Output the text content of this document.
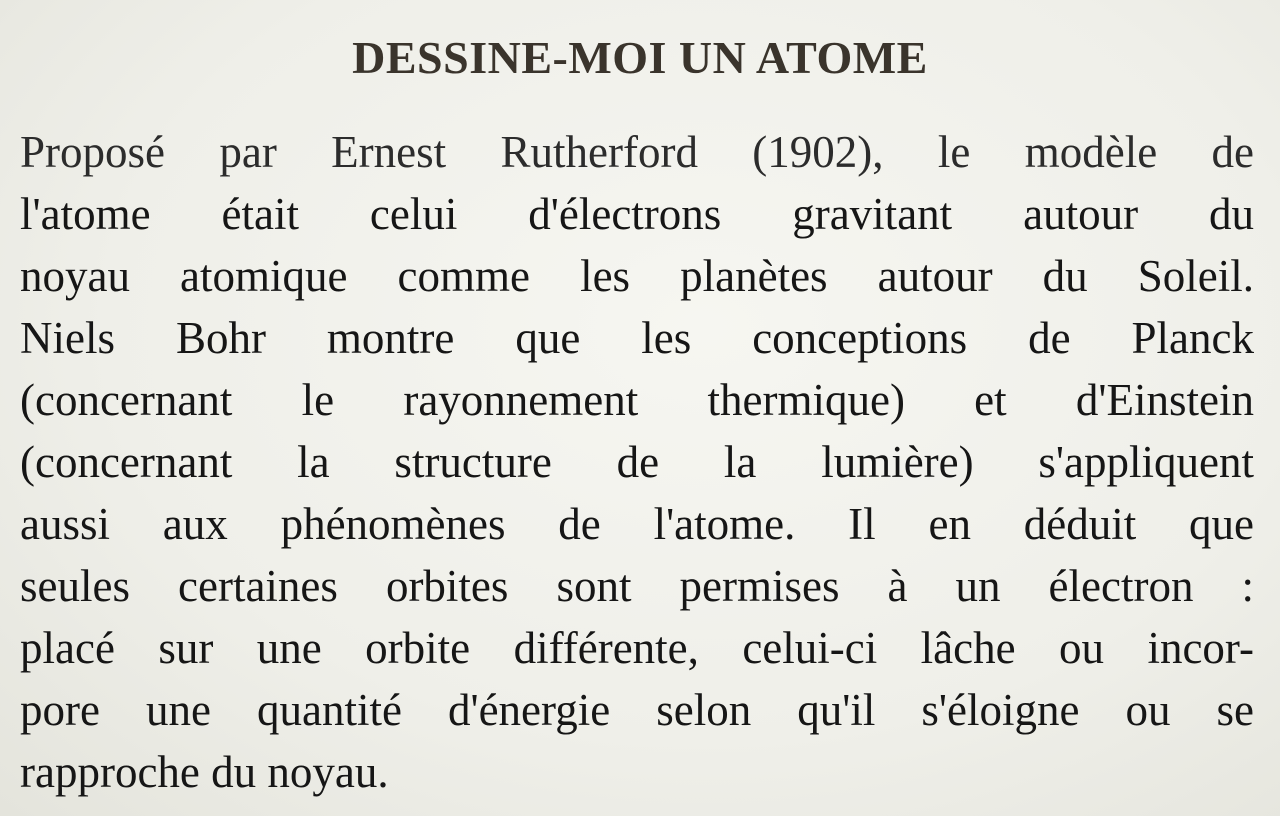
DESSINE-MOI UN ATOME
Proposé par Ernest Rutherford (1902), le modèle de
l'atome était celui d'électrons gravitant autour du
noyau atomique comme les planètes autour du Soleil.
Niels Bohr montre que les conceptions de Planck
(concernant le rayonnement thermique) et d'Einstein
(concernant la structure de la lumière) s'appliquent
aussi aux phénomènes de l'atome. Il en déduit que
seules certaines orbites sont permises à un électron :
placé sur une orbite différente, celui-ci lâche ou incor-
pore une quantité d'énergie selon qu'il s'éloigne ou se
rapproche du noyau.
